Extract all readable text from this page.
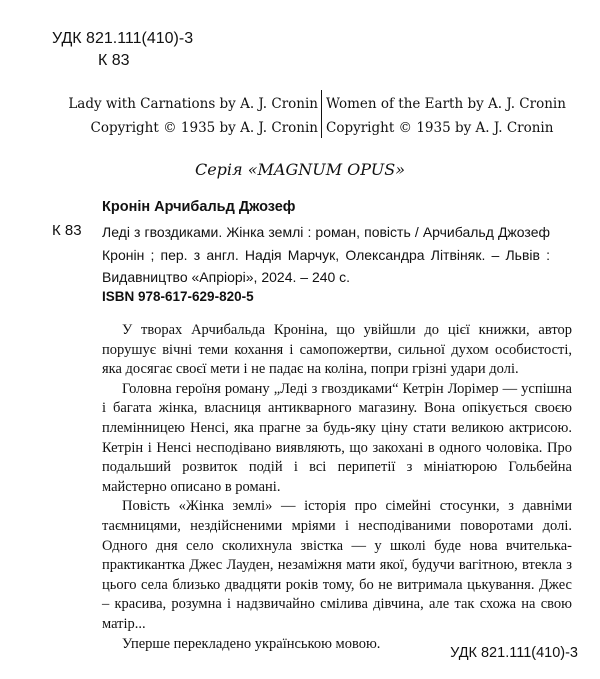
УДК 821.111(410)-3
К 83
Lady with Carnations by A. J. Cronin
Copyright © 1935 by A. J. Cronin
Women of the Earth by A. J. Cronin
Copyright © 1935 by A. J. Cronin
Серія «MAGNUM OPUS»
Кронін Арчибальд Джозеф
К 83 Леді з гвоздиками. Жінка землі : роман, повість / Арчибальд Джозеф Кронін ; пер. з англ. Надія Марчук, Олександра Літвіняк. – Львів : Видавництво «Апріорі», 2024. – 240 с.
ISBN 978-617-629-820-5

У творах Арчибальда Кроніна, що увійшли до цієї книжки, автор порушує вічні теми кохання і самопожертви, сильної духом особистості, яка досягає своєї мети і не падає на коліна, попри грізні удари долі.

Головна героїня роману „Леді з гвоздиками“ Кетрін Лорімер — успішна і багата жінка, власниця антикварного магазину. Вона опікується своєю племінницею Ненсі, яка прагне за будь-яку ціну стати великою актрисою. Кетрін і Ненсі несподівано виявляють, що закохані в одного чоловіка. Про подальший розвиток подій і всі перипетії з мініатюрою Гольбейна майстерно описано в романі.

Повість «Жінка землі» — історія про сімейні стосунки, з давніми таємницями, нездійсненими мріями і несподіваними поворотами долі. Одного дня село сколихнула звістка — у школі буде нова вчителька-практикантка Джес Лауден, незаміжня мати якої, будучи вагітною, втекла з цього села близько двадцяти років тому, бо не витримала цькування. Джес – красива, розумна і надзвичайно смілива дівчина, але так схожа на свою матір...

Уперше перекладено українською мовою.

УДК 821.111(410)-3
